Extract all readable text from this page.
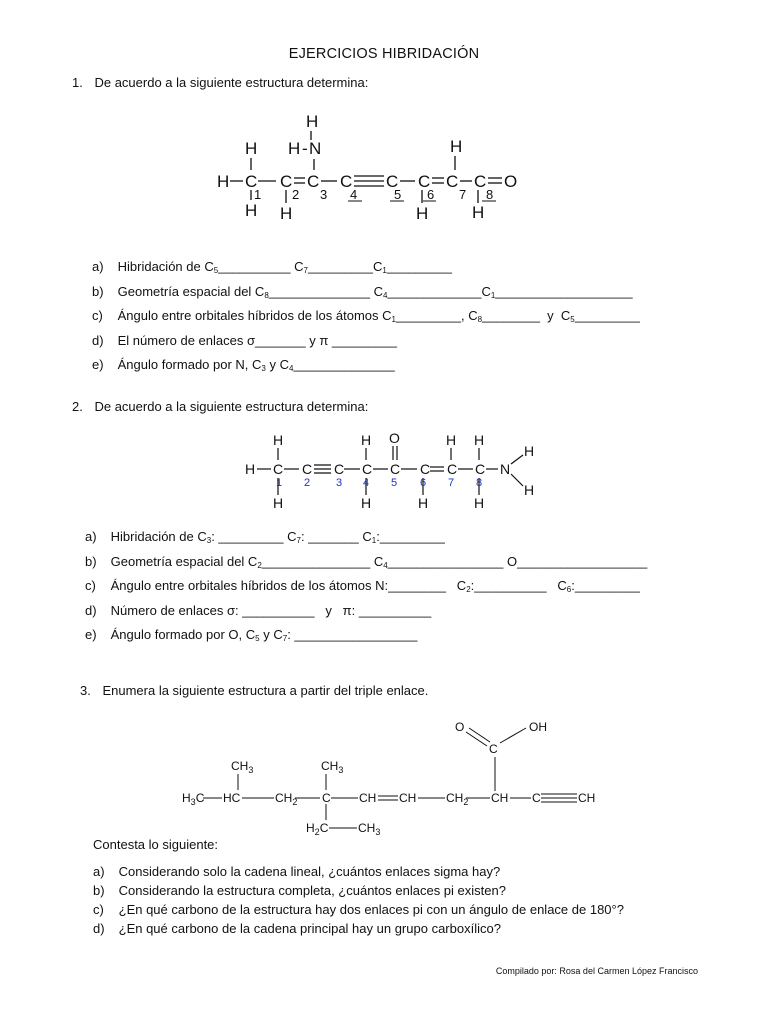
EJERCICIOS HIBRIDACIÓN
1. De acuerdo a la siguiente estructura determina:
H
H - N
H	H
H C C C C C C C C O
H H	H	H
1 2 3 4	5 6 7 8
a) Hibridación de $C_5\_\_\_\_\_\_\_\_\_\_$ $C_7\_\_\_\_\_\_\_\_\_C_1\_\_\_\_\_\_\_\_\_$
b) Geometría espacial del $C_8\_\_\_\_\_\_\_\_\_\_\_\_\_\_$ $C_4\_\_\_\_\_\_\_\_\_\_\_\_\_C_1\_\_\_\_\_\_\_\_\_\_\_\_\_\_\_\_\_\_\_$
c) Ángulo entre orbitales híbridos de los átomos $C_1\_\_\_\_\_\_\_\_\_$, $C_8\_\_\_\_\_\_\_\_$  y  $C_5\_\_\_\_\_\_\_\_\_$
d) El número de enlaces σ_______ y π _________
e) Ángulo formado por N, $C_3$ y $C_4\_\_\_\_\_\_\_\_\_\_\_\_\_\_$
2. De acuerdo a la siguiente estructura determina:
H	H O	H H
H
H C C C C C C C C N
H
H	H	H	H
1 2 3 4 5 6 7 8
a) Hibridación de $C_3$: _________ $C_7$: _______ $C_1:\_\_\_\_\_\_\_\_\_$
b) Geometría espacial del $C_2\_\_\_\_\_\_\_\_\_\_\_\_\_\_\_$ $C_4\_\_\_\_\_\_\_\_\_\_\_\_\_\_\_\_$ O__________________
c) Ángulo entre orbitales híbridos de los átomos N:________   $C_2:\_\_\_\_\_\_\_\_\_\_$   $C_6:\_\_\_\_\_\_\_\_\_$
d) Número de enlaces σ: __________   y   π: __________
e) Ángulo formado por O, $C_5$ y $C_7$: _________________
3. Enumera la siguiente estructura a partir del triple enlace.
O	OH
C
$CH_3$	$CH_3$
$H_3C$ HC	$CH_2$ C CH CH $CH_2$ CH C	CH
$H_2C$ $CH_3$
Contesta lo siguiente:
a) Considerando solo la cadena lineal, ¿cuántos enlaces sigma hay?
b) Considerando la estructura completa, ¿cuántos enlaces pi existen?
c) ¿En qué carbono de la estructura hay dos enlaces pi con un ángulo de enlace de 180°?
d) ¿En qué carbono de la cadena principal hay un grupo carboxílico?
Compilado por: Rosa del Carmen López Francisco
